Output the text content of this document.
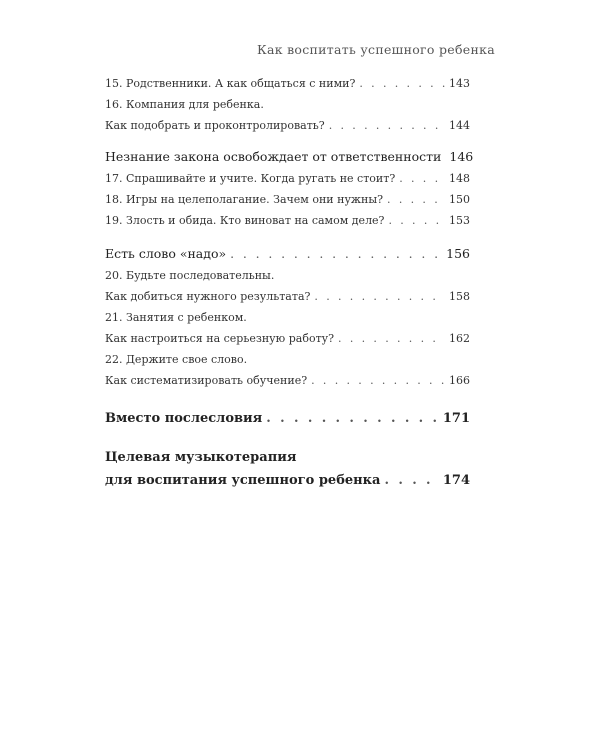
Как воспитать успешного ребенка
15. Родственники. А как общаться с ними? . . .	143
16. Компания для ребенка.
Как подобрать и проконтролировать? . . .	144
Незнание закона освобождает от ответственности 146
17. Спрашивайте и учите. Когда ругать не стоит? . . .	148
18. Игры на целеполагание. Зачем они нужны? . . .	150
19. Злость и обида. Кто виноват на самом деле? . . .	153
Есть слово «надо» . . .	156
20. Будьте последовательны.
Как добиться нужного результата? . . .	158
21. Занятия с ребенком.
Как настроиться на серьезную работу? . . .	162
22. Держите свое слово.
Как систематизировать обучение? . . .	166
Вместо послесловия . . .	171
Целевая музыкотерапия
для воспитания успешного ребенка . . .	174
